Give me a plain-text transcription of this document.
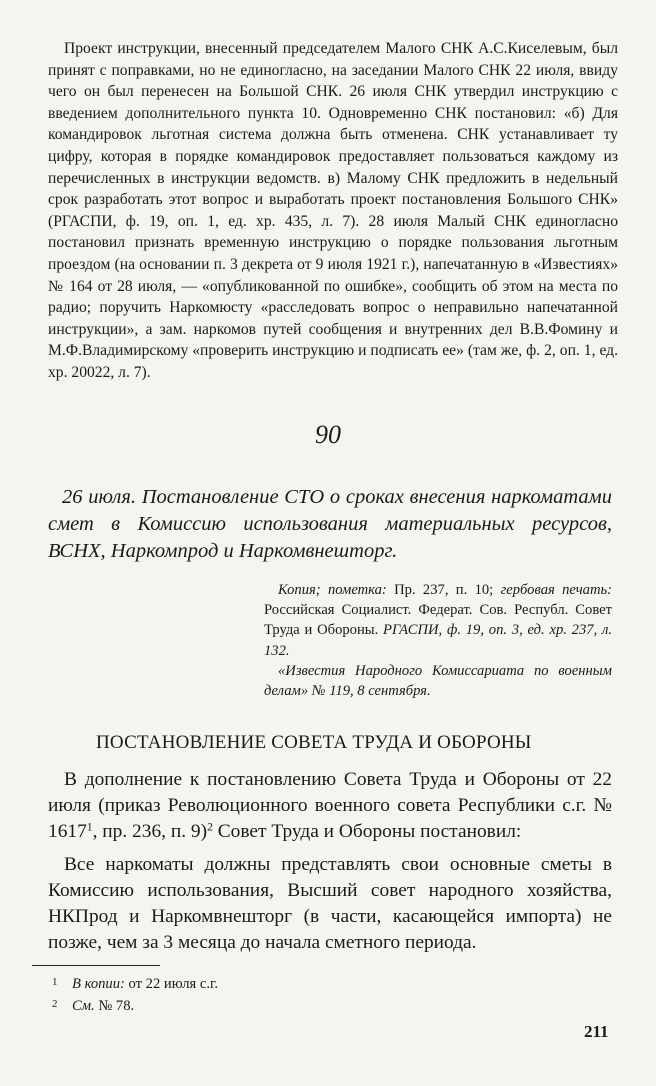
Проект инструкции, внесенный председателем Малого СНК А.С.Киселевым, был принят с поправками, но не единогласно, на заседании Малого СНК 22 июля, ввиду чего он был перенесен на Большой СНК. 26 июля СНК утвердил инструкцию с введением дополнительного пункта 10. Одновременно СНК постановил: «б) Для командировок льготная система должна быть отменена. СНК устанавливает ту цифру, которая в порядке командировок предоставляет пользоваться каждому из перечисленных в инструкции ведомств. в) Малому СНК предложить в недельный срок разработать этот вопрос и выработать проект постановления Большого СНК» (РГАСПИ, ф. 19, оп. 1, ед. хр. 435, л. 7). 28 июля Малый СНК единогласно постановил признать временную инструкцию о порядке пользования льготным проездом (на основании п. 3 декрета от 9 июля 1921 г.), напечатанную в «Известиях» № 164 от 28 июля, — «опубликованной по ошибке», сообщить об этом на места по радио; поручить Наркомюсту «расследовать вопрос о неправильно напечатанной инструкции», а зам. наркомов путей сообщения и внутренних дел В.В.Фомину и М.Ф.Владимирскому «проверить инструкцию и подписать ее» (там же, ф. 2, оп. 1, ед. хр. 20022, л. 7).

90

26 июля. Постановление СТО о сроках внесения наркоматами смет в Комиссию использования материальных ресурсов, ВСНХ, Наркомпрод и Наркомвнешторг.

Копия; пометка: Пр. 237, п. 10; гербовая печать: Российская Социалист. Федерат. Сов. Республ. Совет Труда и Обороны. РГАСПИ, ф. 19, оп. 3, ед. хр. 237, л. 132.

«Известия Народного Комиссариата по военным делам» № 119, 8 сентября.

ПОСТАНОВЛЕНИЕ СОВЕТА ТРУДА И ОБОРОНЫ

В дополнение к постановлению Совета Труда и Обороны от 22 июля (приказ Революционного военного совета Республики с.г. № 1617$^1$, пр. 236, п. 9)$^2$ Совет Труда и Обороны постановил:

Все наркоматы должны представлять свои основные сметы в Комиссию использования, Высший совет народного хозяйства, НКПрод и Наркомвнешторг (в части, касающейся импорта) не позже, чем за 3 месяца до начала сметного периода.

1 В копии: от 22 июля с.г.
2 См. № 78.
211
